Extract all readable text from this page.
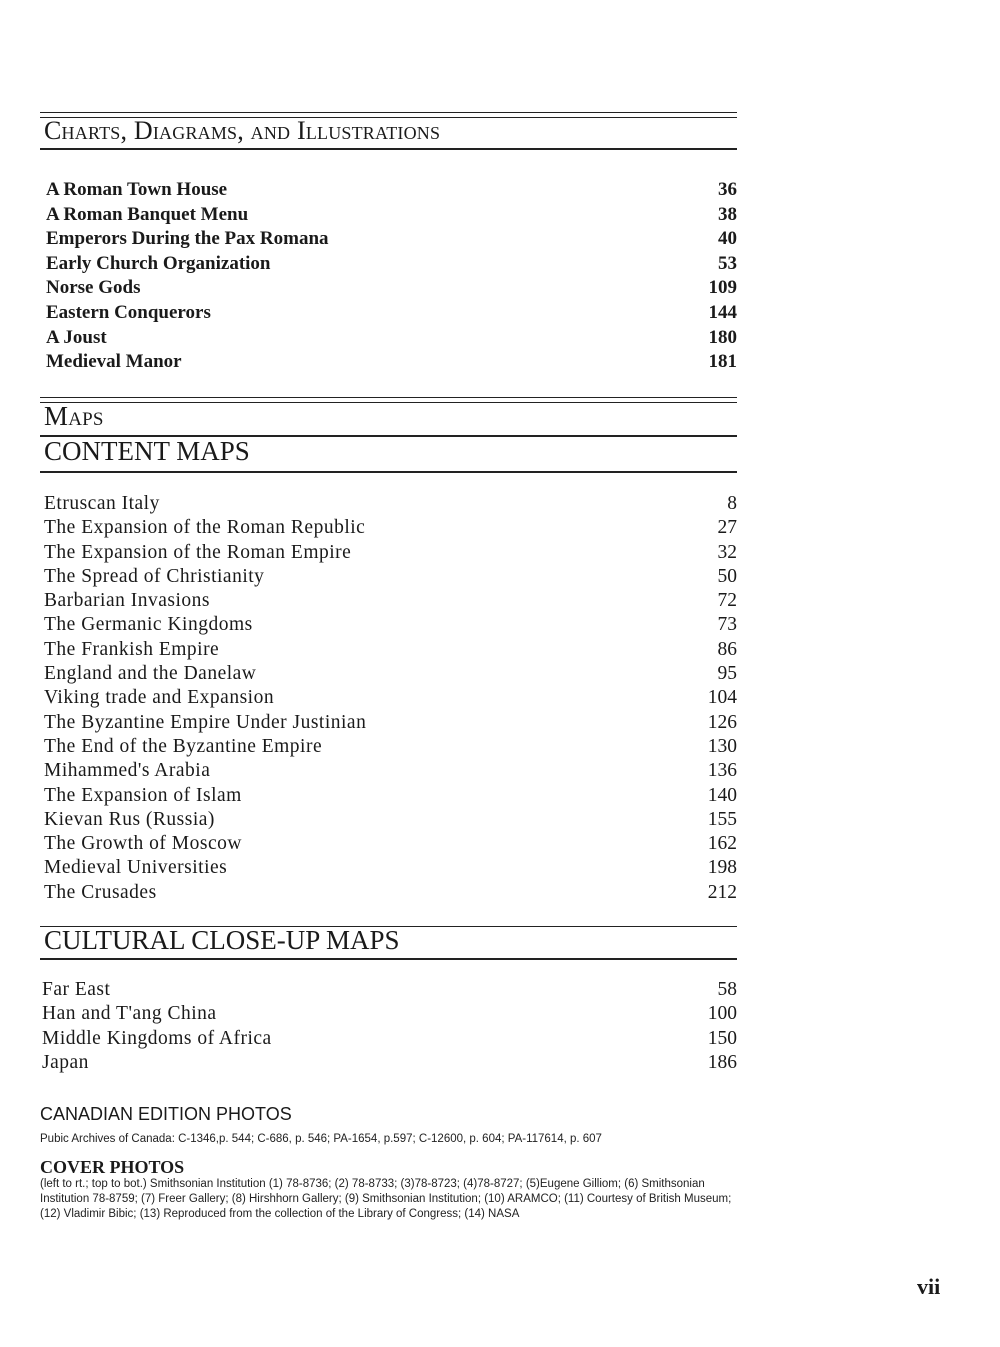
Charts, Diagrams, and Illustrations
A Roman Town House	36
A Roman Banquet Menu	38
Emperors During the Pax Romana	40
Early Church Organization	53
Norse Gods	109
Eastern Conquerors	144
A Joust	180
Medieval Manor	181
Maps
CONTENT MAPS
Etruscan Italy	8
The Expansion of the Roman Republic	27
The Expansion of the Roman Empire	32
The Spread of Christianity	50
Barbarian Invasions	72
The Germanic Kingdoms	73
The Frankish Empire	86
England and the Danelaw	95
Viking trade and Expansion	104
The Byzantine Empire Under Justinian	126
The End of the Byzantine Empire	130
Mihammed's Arabia	136
The Expansion of Islam	140
Kievan Rus (Russia)	155
The Growth of Moscow	162
Medieval Universities	198
The Crusades	212
CULTURAL CLOSE-UP MAPS
Far East	58
Han and T'ang China	100
Middle Kingdoms of Africa	150
Japan	186
CANADIAN EDITION PHOTOS

Pubic Archives of Canada: C-1346,p. 544; C-686, p. 546; PA-1654, p.597; C-12600, p. 604; PA-117614, p. 607

COVER PHOTOS

(left to rt.; top to bot.) Smithsonian Institution (1) 78-8736; (2) 78-8733; (3)78-8723; (4)78-8727; (5)Eugene Gilliom; (6) Smithsonian Institution 78-8759; (7) Freer Gallery; (8) Hirshhorn Gallery; (9) Smithsonian Institution; (10) ARAMCO; (11) Courtesy of British Museum; (12) Vladimir Bibic; (13) Reproduced from the collection of the Library of Congress; (14) NASA

vii
